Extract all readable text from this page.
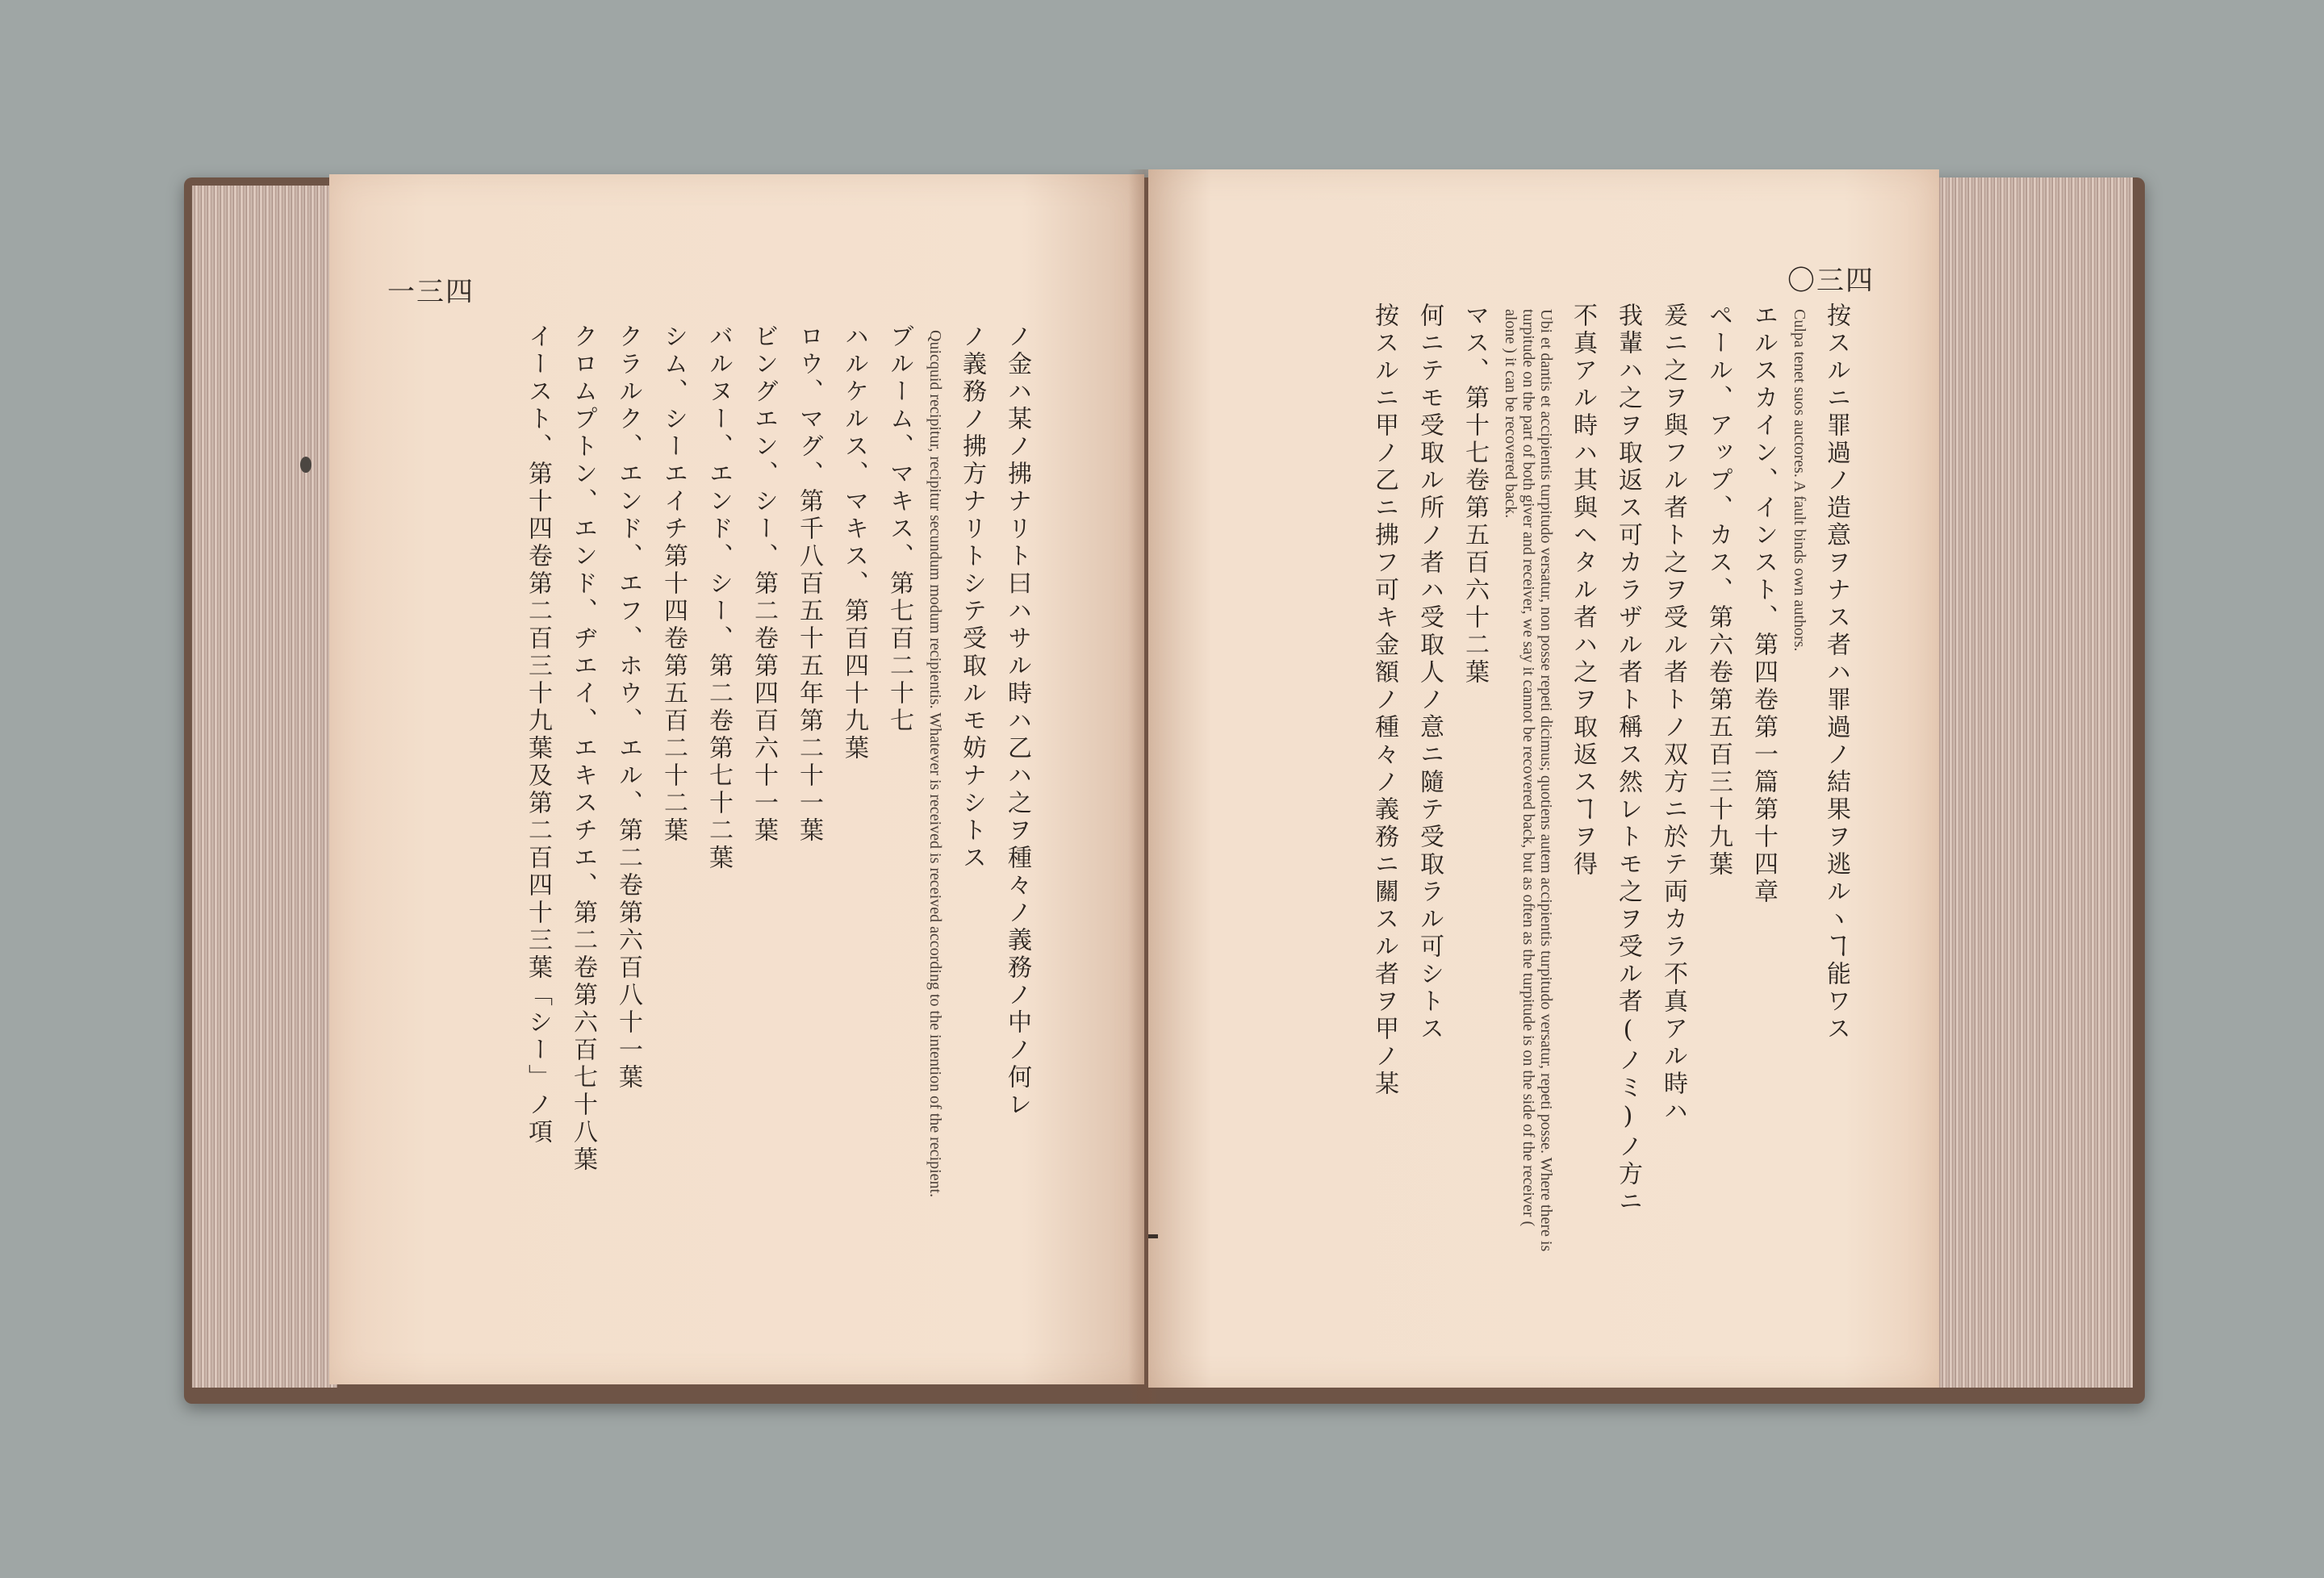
一三四
ノ金ハ某ノ拂ナリト曰ハサル時ハ乙ハ之ヲ種々ノ義務ノ中ノ何レ
ノ義務ノ拂方ナリトシテ受取ルモ妨ナシトス
Quicquid recipitur, recipitur secundum modum recipientis. Whatever is received is received according to the intention of the recipient.
ブルーム、マキス、第七百二十七
ハルケルス、マキス、第百四十九葉
ロウ、マグ、第千八百五十五年第二十一葉
ビングエン、シー、第二卷第四百六十一葉
バルヌー、エンド、シー、第二卷第七十二葉
シム、シーエイチ第十四卷第五百二十二葉
クラルク、エンド、エフ、ホウ、エル、第二卷第六百八十一葉
クロムプトン、エンド、ヂエイ、エキスチエ、第二卷第六百七十八葉
イースト、第十四卷第二百三十九葉及第二百四十三葉「シー」ノ項
〇三四
按スルニ罪過ノ造意ヲナス者ハ罪過ノ結果ヲ逃ルヽヿ能ワス
Culpa tenet suos auctores. A fault binds own authors.
エルスカイン、インスト、第四卷第一篇第十四章
ペール、アップ、カス、第六卷第五百三十九葉
爰ニ之ヲ與フル者ト之ヲ受ル者トノ双方ニ於テ両カラ不真アル時ハ
我輩ハ之ヲ取返ス可カラザル者ト稱ス然レトモ之ヲ受ル者(ノミ)ノ方ニ
不真アル時ハ其與ヘタル者ハ之ヲ取返スヿヲ得
Ubi et dantis et accipientis turpitudo versatur, non posse repeti dicimus; quotiens autem accipientis turpitudo versatur, repeti posse. Where there is turpitude on the part of both giver and receiver, we say it cannot be recovered back, but as often as the turpitude is on the side of the receiver ( alone ) it can be recovered back.
マス、第十七卷第五百六十二葉
何ニテモ受取ル所ノ者ハ受取人ノ意ニ隨テ受取ラル可シトス
按スルニ甲ノ乙ニ拂フ可キ金額ノ種々ノ義務ニ關スル者ヲ甲ノ某
